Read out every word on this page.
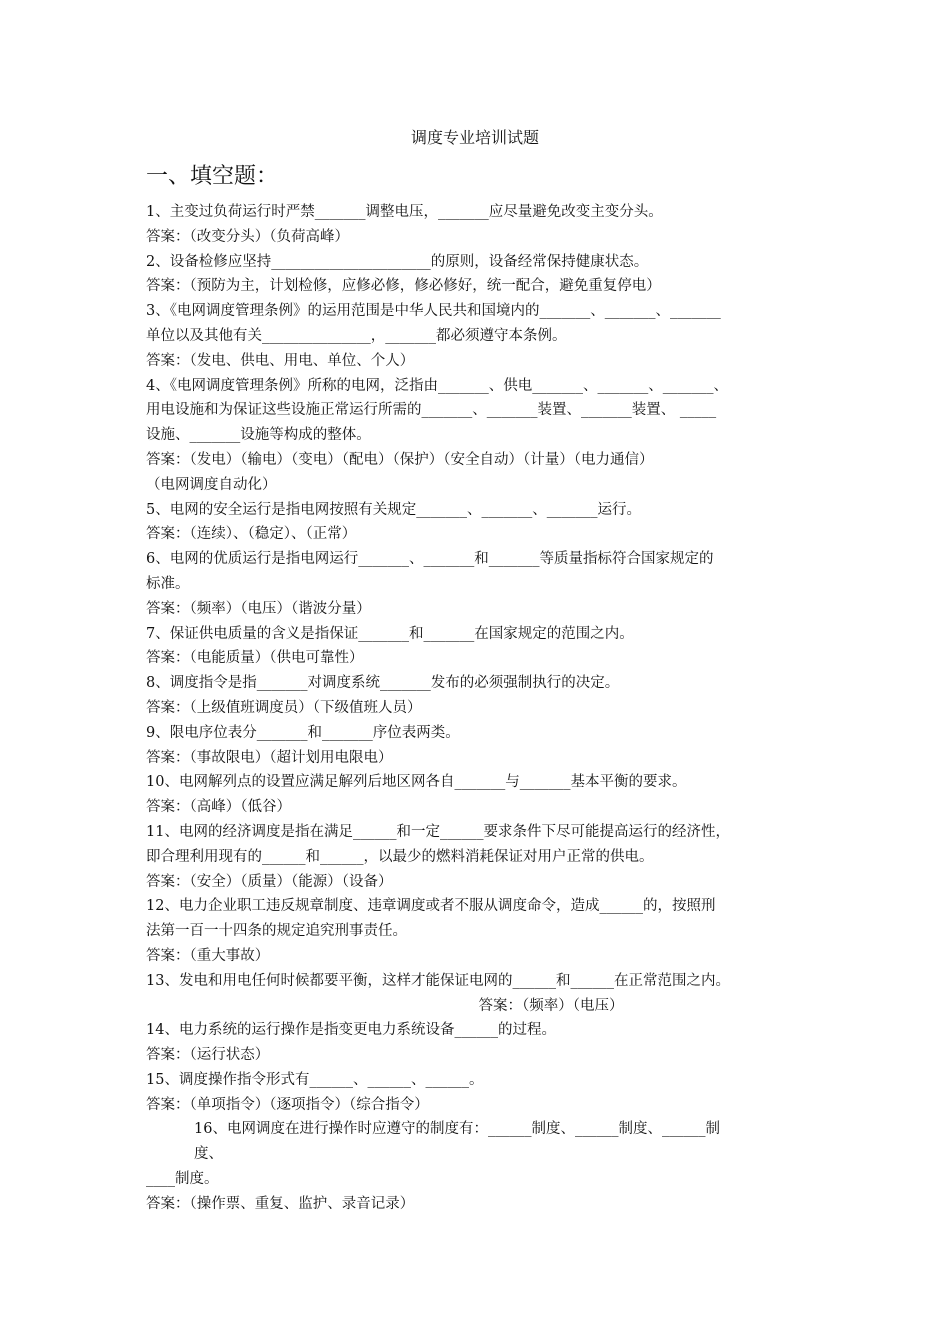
调度专业培训试题
一、填空题：

1、主变过负荷运行时严禁_______调整电压，_______应尽量避免改变主变分头。

答案：（改变分头）（负荷高峰）

2、设备检修应坚持______________________的原则，设备经常保持健康状态。

答案：（预防为主，计划检修，应修必修，修必修好，统一配合，避免重复停电）

3、《电网调度管理条例》的运用范围是中华人民共和国境内的_______、_______、_______

单位以及其他有关_______________，_______都必须遵守本条例。

答案：（发电、供电、用电、单位、个人）

4、《电网调度管理条例》所称的电网，泛指由_______、供电_______、_______、_______、

用电设施和为保证这些设施正常运行所需的_______、_______装置、_______装置、 _____

设施、_______设施等构成的整体。

答案：（发电）（输电）（变电）（配电）（保护）（安全自动）（计量）（电力通信）

（电网调度自动化）

5、电网的安全运行是指电网按照有关规定_______、_______、_______运行。

答案：（连续）、（稳定）、（正常）

6、电网的优质运行是指电网运行_______、_______和_______等质量指标符合国家规定的

标准。

答案：（频率）（电压）（谐波分量）

7、保证供电质量的含义是指保证_______和_______在国家规定的范围之内。

答案：（电能质量）（供电可靠性）

8、调度指令是指_______对调度系统_______发布的必须强制执行的决定。

答案：（上级值班调度员）（下级值班人员）

9、限电序位表分_______和_______序位表两类。

答案：（事故限电）（超计划用电限电）

10、电网解列点的设置应满足解列后地区网各自_______与_______基本平衡的要求。

答案：（高峰）（低谷）

11、电网的经济调度是指在满足______和一定______要求条件下尽可能提高运行的经济性，

即合理利用现有的______和______，以最少的燃料消耗保证对用户正常的供电。

答案：（安全）（质量）（能源）（设备）

12、电力企业职工违反规章制度、违章调度或者不服从调度命令，造成______的，按照刑

法第一百一十四条的规定追究刑事责任。

答案：（重大事故）

13、发电和用电任何时候都要平衡，这样才能保证电网的______和______在正常范围之内。

答案：（频率）（电压）

14、电力系统的运行操作是指变更电力系统设备______的过程。

答案：（运行状态）

15、调度操作指令形式有______、______、______。

答案：（单项指令）（逐项指令）（综合指令）

16、电网调度在进行操作时应遵守的制度有：______制度、______制度、______制

度、

____制度。

答案：（操作票、重复、监护、录音记录）
